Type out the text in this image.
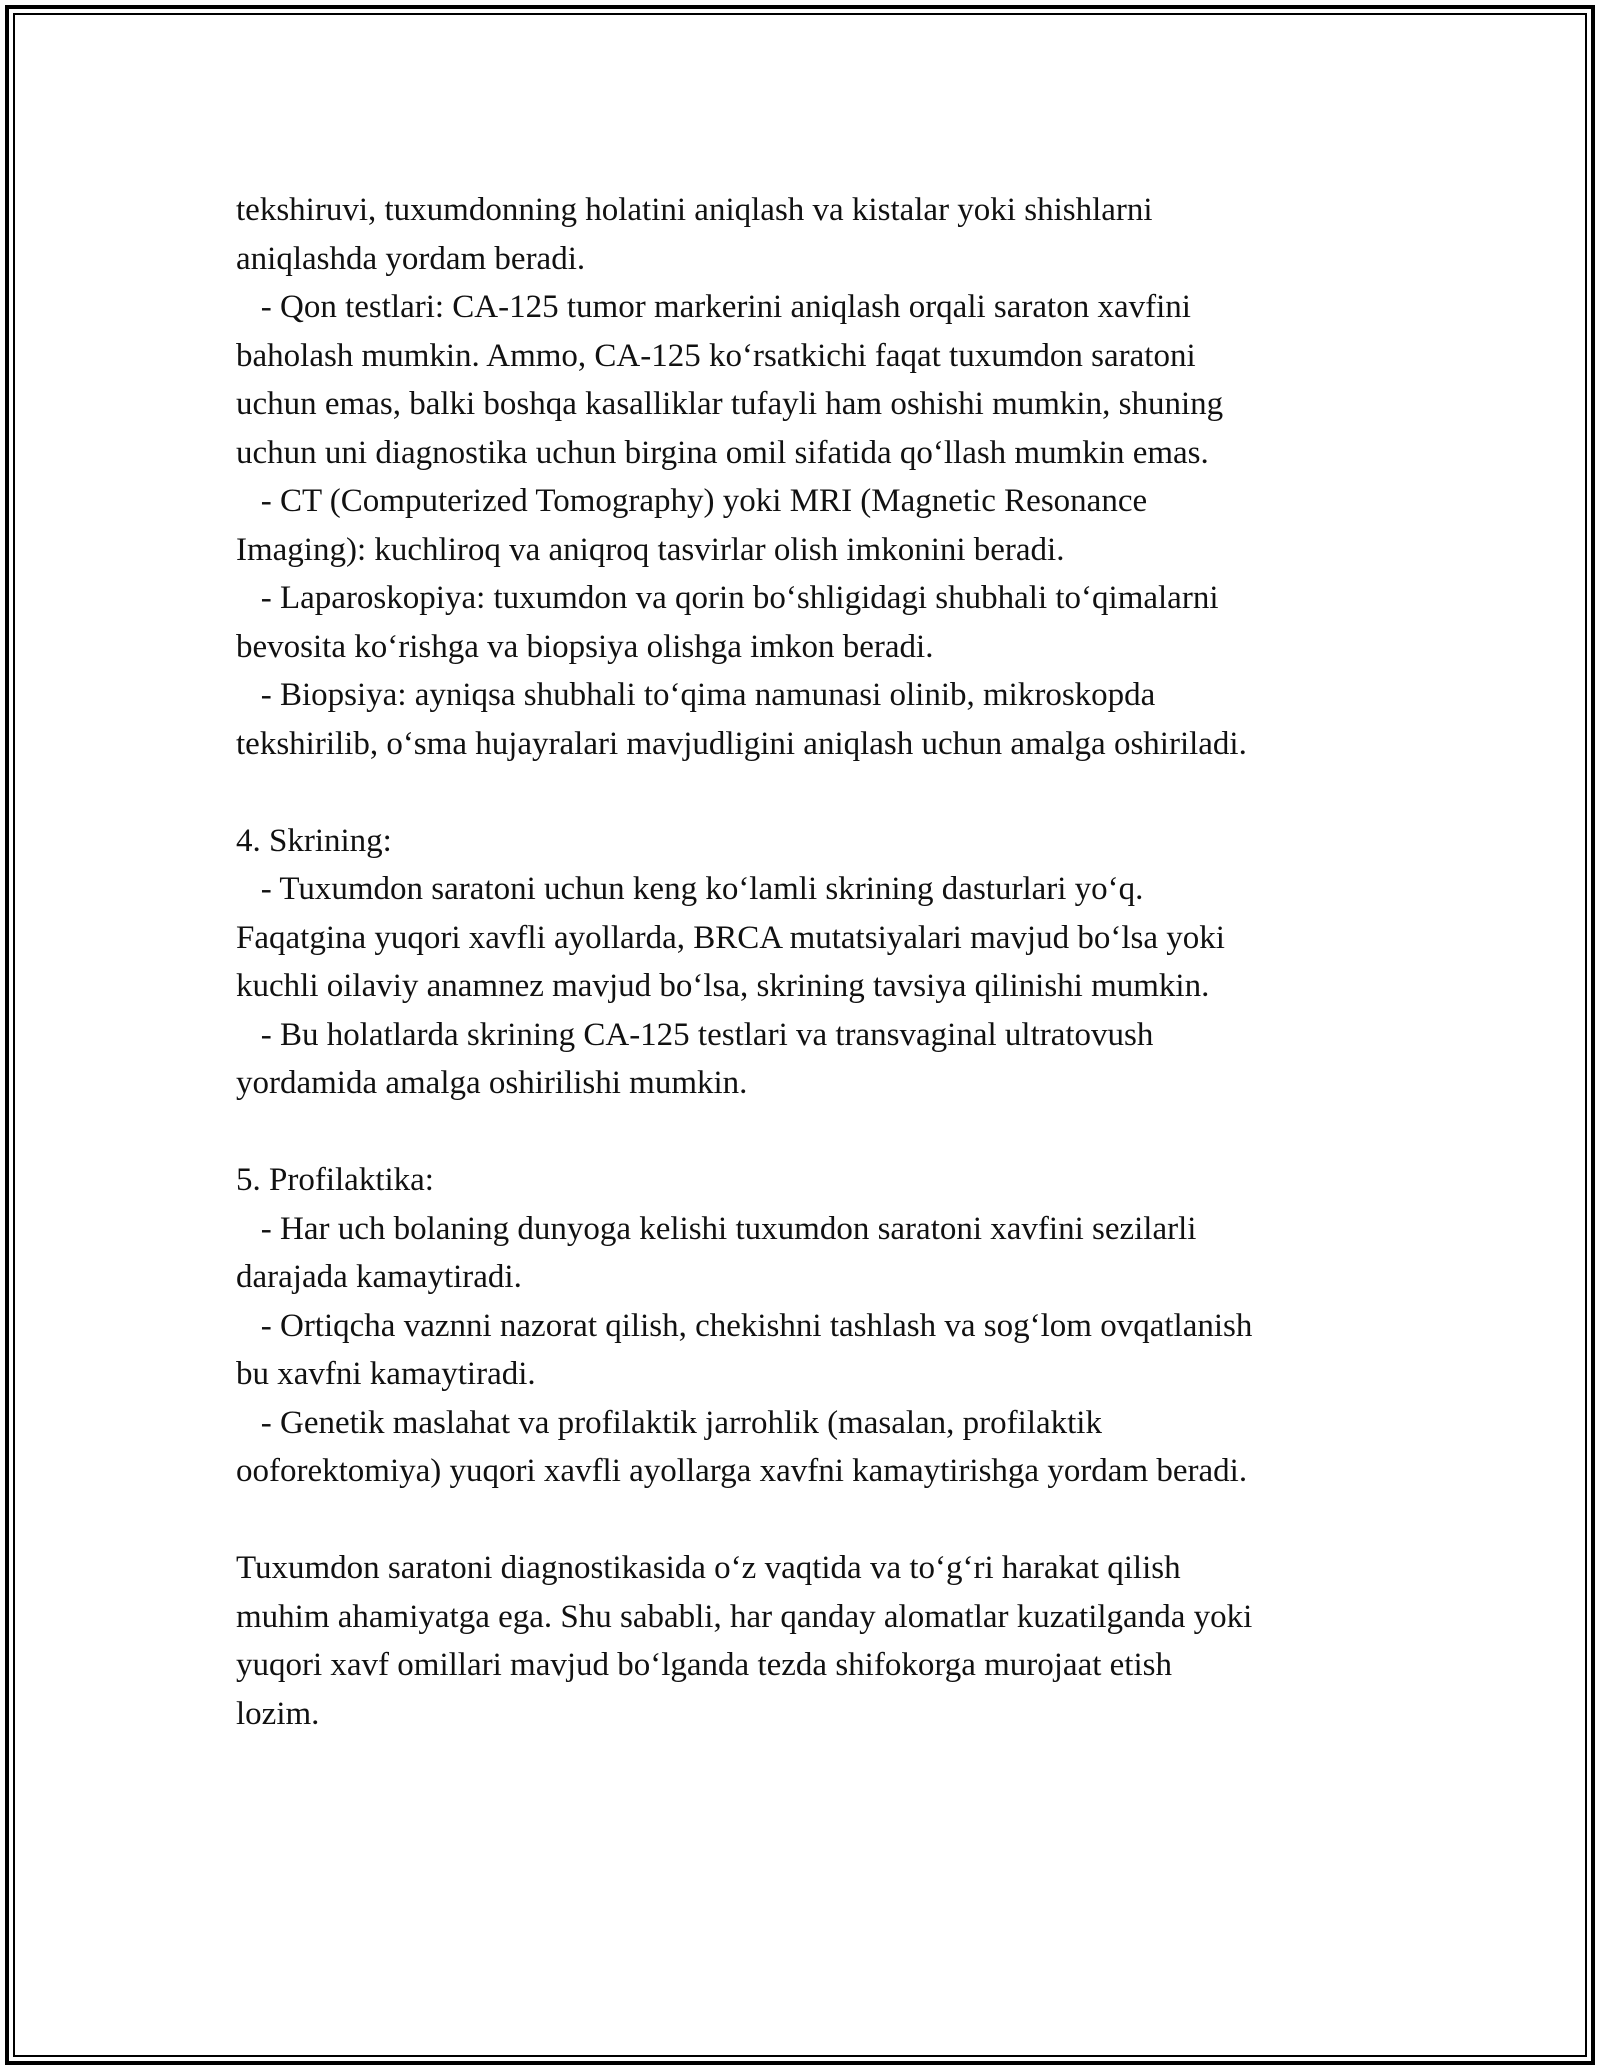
tekshiruvi, tuxumdonning holatini aniqlash va kistalar yoki shishlarni

aniqlashda yordam beradi.

- Qon testlari: CA-125 tumor markerini aniqlash orqali saraton xavfini

baholash mumkin. Ammo, CA-125 ko‘rsatkichi faqat tuxumdon saratoni

uchun emas, balki boshqa kasalliklar tufayli ham oshishi mumkin, shuning

uchun uni diagnostika uchun birgina omil sifatida qo‘llash mumkin emas.

- CT (Computerized Tomography) yoki MRI (Magnetic Resonance

Imaging): kuchliroq va aniqroq tasvirlar olish imkonini beradi.

- Laparoskopiya: tuxumdon va qorin bo‘shligidagi shubhali to‘qimalarni

bevosita ko‘rishga va biopsiya olishga imkon beradi.

- Biopsiya: ayniqsa shubhali to‘qima namunasi olinib, mikroskopda

tekshirilib, o‘sma hujayralari mavjudligini aniqlash uchun amalga oshiriladi.

4. Skrining:

- Tuxumdon saratoni uchun keng ko‘lamli skrining dasturlari yo‘q.

Faqatgina yuqori xavfli ayollarda, BRCA mutatsiyalari mavjud bo‘lsa yoki

kuchli oilaviy anamnez mavjud bo‘lsa, skrining tavsiya qilinishi mumkin.

- Bu holatlarda skrining CA-125 testlari va transvaginal ultratovush

yordamida amalga oshirilishi mumkin.

5. Profilaktika:

- Har uch bolaning dunyoga kelishi tuxumdon saratoni xavfini sezilarli

darajada kamaytiradi.

- Ortiqcha vaznni nazorat qilish, chekishni tashlash va sog‘lom ovqatlanish

bu xavfni kamaytiradi.

- Genetik maslahat va profilaktik jarrohlik (masalan, profilaktik

ooforektomiya) yuqori xavfli ayollarga xavfni kamaytirishga yordam beradi.

Tuxumdon saratoni diagnostikasida o‘z vaqtida va to‘g‘ri harakat qilish

muhim ahamiyatga ega. Shu sababli, har qanday alomatlar kuzatilganda yoki

yuqori xavf omillari mavjud bo‘lganda tezda shifokorga murojaat etish

lozim.
